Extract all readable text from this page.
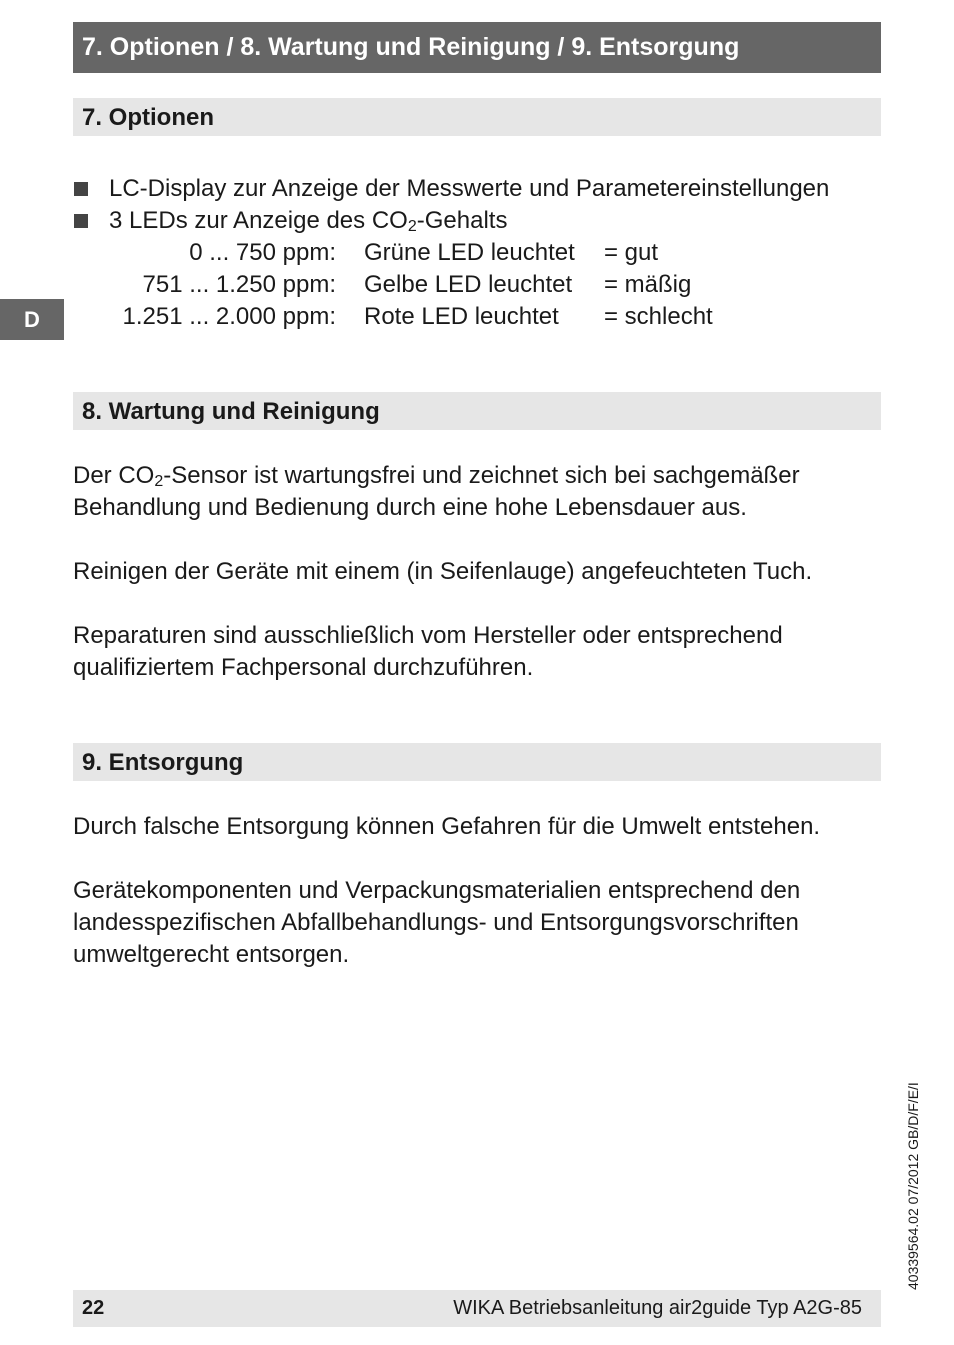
7. Optionen / 8. Wartung und Reinigung / 9. Entsorgung
7. Optionen
D
LC-Display zur Anzeige der Messwerte und Parametereinstellungen
3 LEDs zur Anzeige des $CO_2$-Gehalts
0 ... 750 ppm: Grüne LED leuchtet = gut
751 ... 1.250 ppm: Gelbe LED leuchtet = mäßig
1.251 ... 2.000 ppm: Rote LED leuchtet = schlecht
8. Wartung und Reinigung
Der $CO_2$-Sensor ist wartungsfrei und zeichnet sich bei sachgemäßer
Behandlung und Bedienung durch eine hohe Lebensdauer aus.
Reinigen der Geräte mit einem (in Seifenlauge) angefeuchteten Tuch.
Reparaturen sind ausschließlich vom Hersteller oder entsprechend
qualifiziertem Fachpersonal durchzuführen.
9. Entsorgung
Durch falsche Entsorgung können Gefahren für die Umwelt entstehen.
Gerätekomponenten und Verpackungsmaterialien entsprechend den
landesspezifischen Abfallbehandlungs- und Entsorgungsvorschriften
umweltgerecht entsorgen.
40339564.02 07/2012 GB/D/F/E/I
22	WIKA Betriebsanleitung air2guide Typ A2G-85
